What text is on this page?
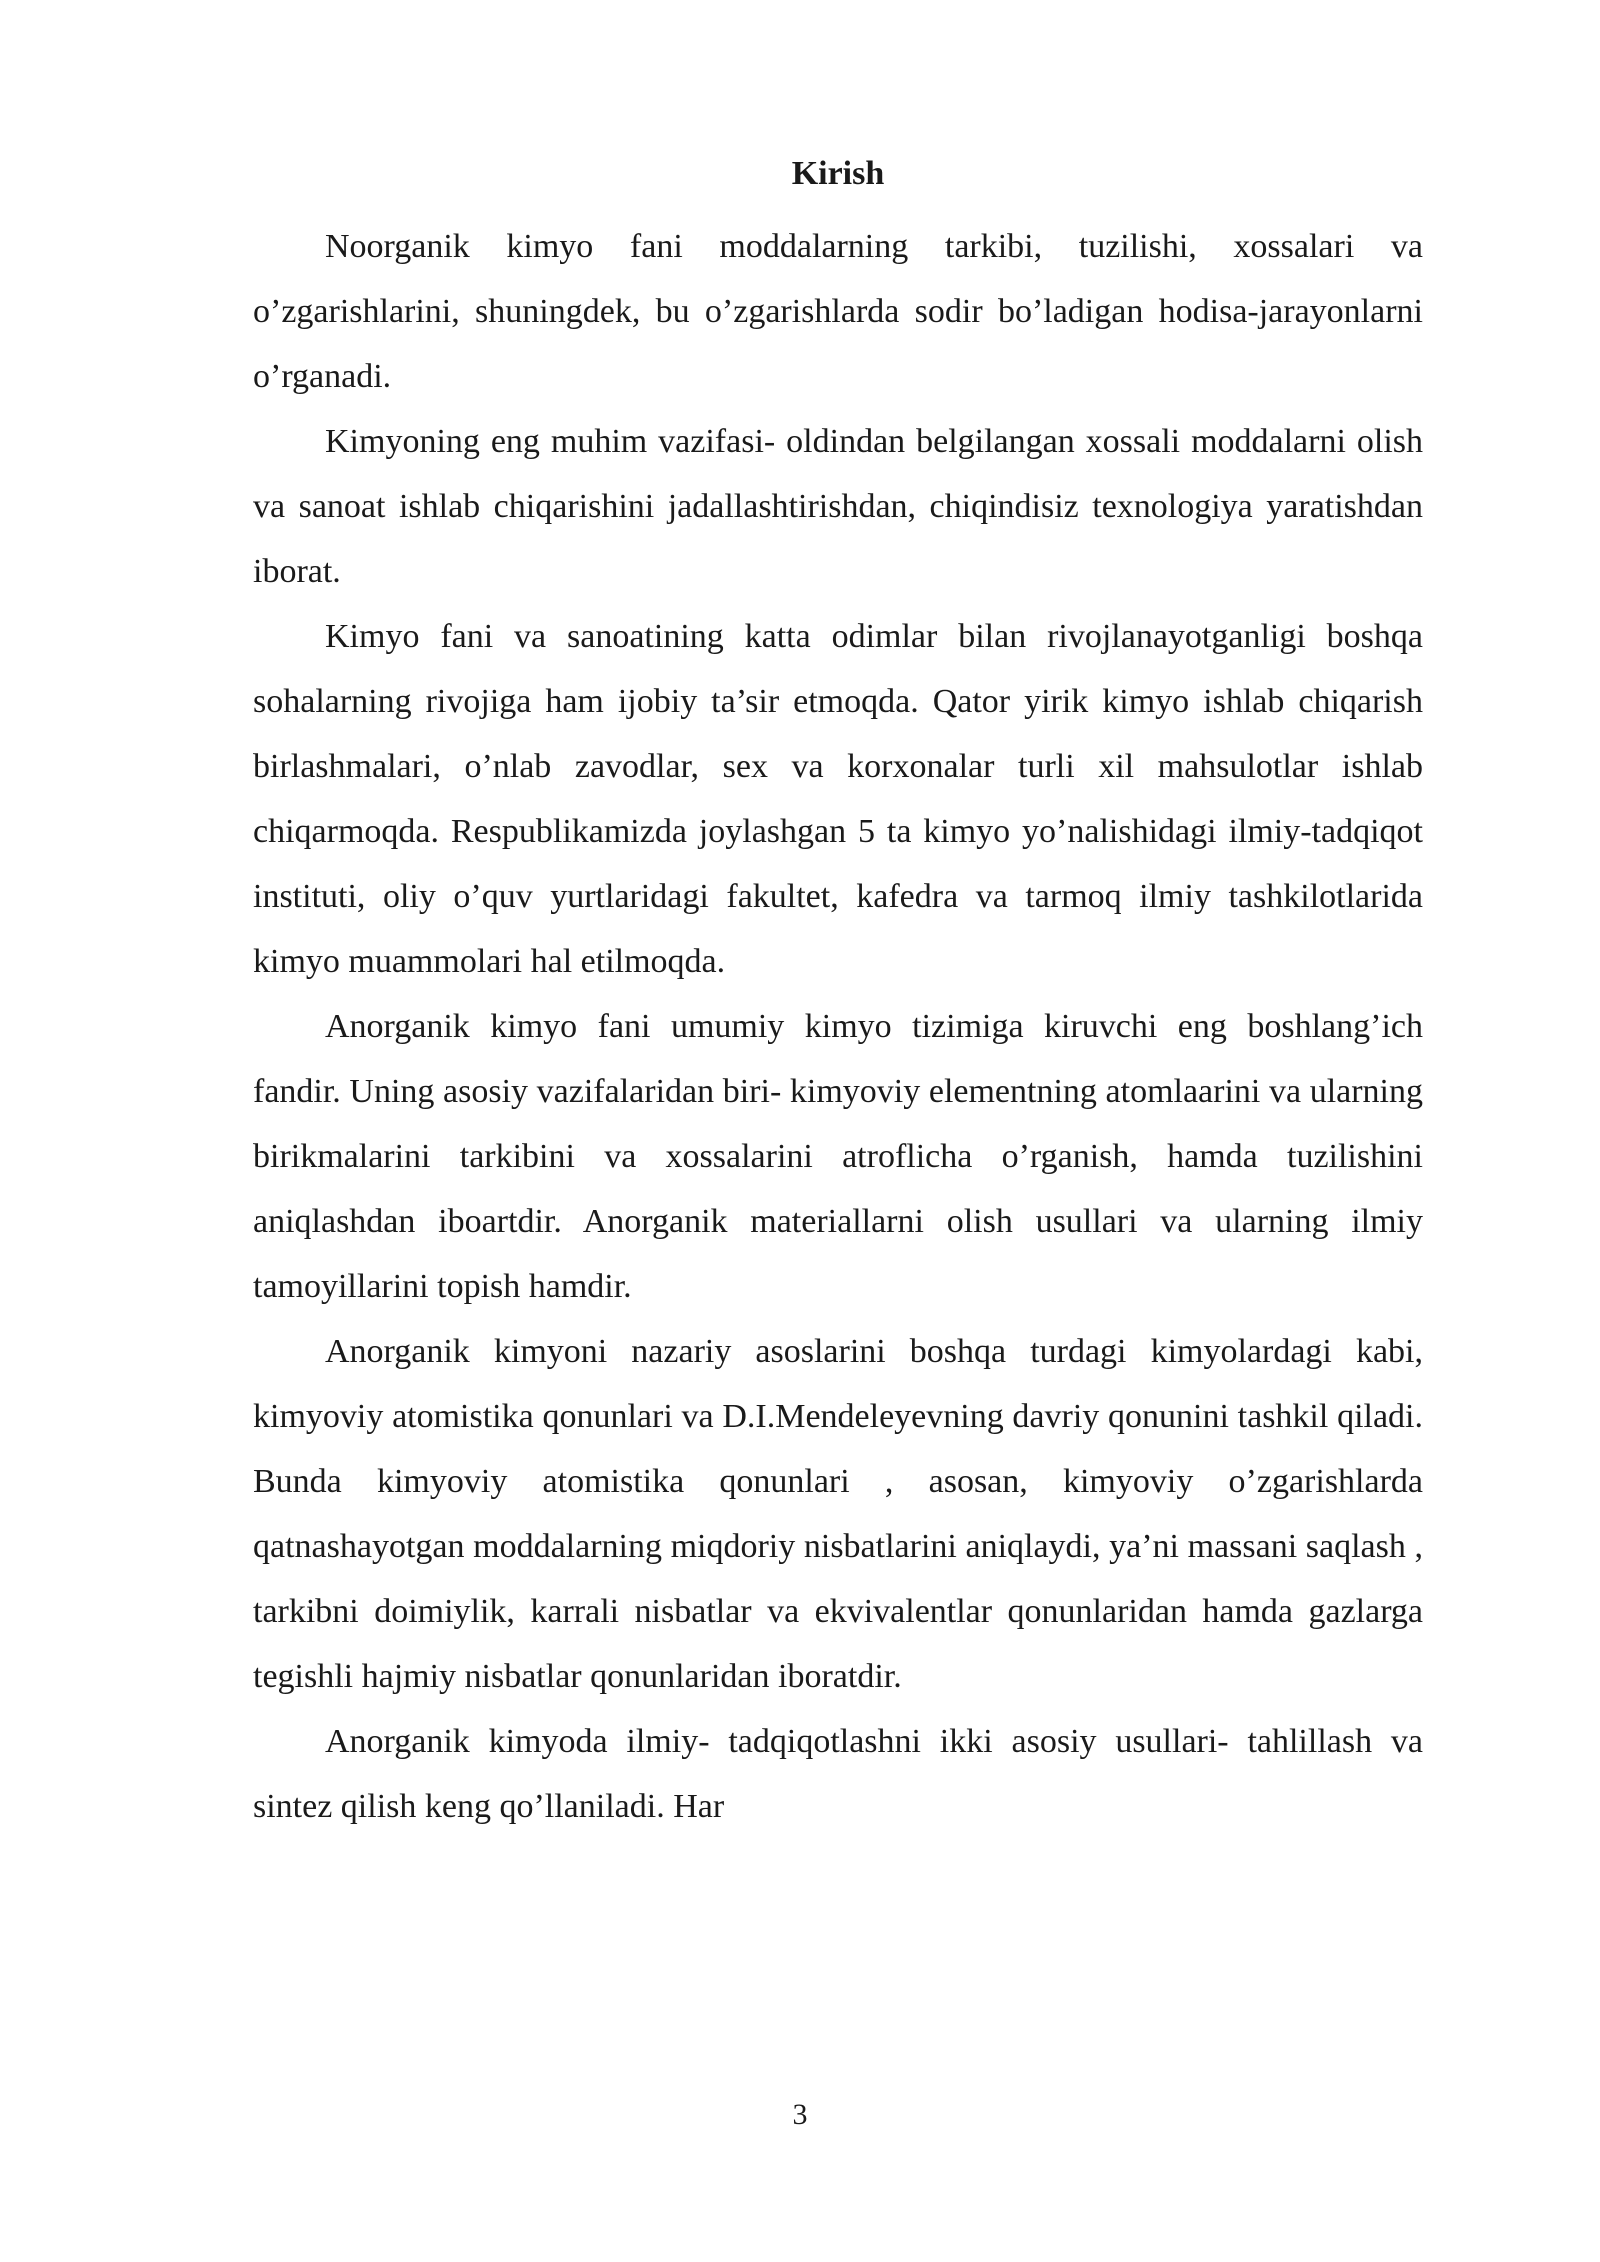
Kirish

Noorganik kimyo fani moddalarning tarkibi, tuzilishi, xossalari va o’zgarishlarini, shuningdek, bu o’zgarishlarda sodir bo’ladigan hodisa-jarayonlarni o’rganadi.

Kimyoning eng muhim vazifasi- oldindan belgilangan xossali moddalarni olish va sanoat ishlab chiqarishini jadallashtirishdan, chiqindisiz texnologiya yaratishdan iborat.

Kimyo fani va sanoatining katta odimlar bilan rivojlanayotganligi boshqa sohalarning rivojiga ham ijobiy ta’sir etmoqda. Qator yirik kimyo ishlab chiqarish birlashmalari, o’nlab zavodlar, sex va korxonalar turli xil mahsulotlar ishlab chiqarmoqda. Respublikamizda joylashgan 5 ta kimyo yo’nalishidagi ilmiy-tadqiqot instituti, oliy o’quv yurtlaridagi fakultet, kafedra va tarmoq ilmiy tashkilotlarida kimyo muammolari hal etilmoqda.

Anorganik kimyo fani umumiy kimyo tizimiga kiruvchi eng boshlang’ich fandir. Uning asosiy vazifalaridan biri- kimyoviy elementning atomlaarini va ularning birikmalarini tarkibini va xossalarini atroflicha o’rganish, hamda tuzilishini aniqlashdan iboartdir. Anorganik materiallarni olish usullari va ularning ilmiy tamoyillarini topish hamdir.

Anorganik kimyoni nazariy asoslarini boshqa turdagi kimyolardagi kabi, kimyoviy atomistika qonunlari va D.I.Mendeleyevning davriy qonunini tashkil qiladi. Bunda kimyoviy atomistika qonunlari , asosan, kimyoviy o’zgarishlarda qatnashayotgan moddalarning miqdoriy nisbatlarini aniqlaydi, ya’ni massani saqlash , tarkibni doimiylik, karrali nisbatlar va ekvivalentlar qonunlaridan hamda gazlarga tegishli hajmiy nisbatlar qonunlaridan iboratdir.

Anorganik kimyoda ilmiy- tadqiqotlashni ikki asosiy usullari- tahlillash va sintez qilish keng qo’llaniladi. Har

3
